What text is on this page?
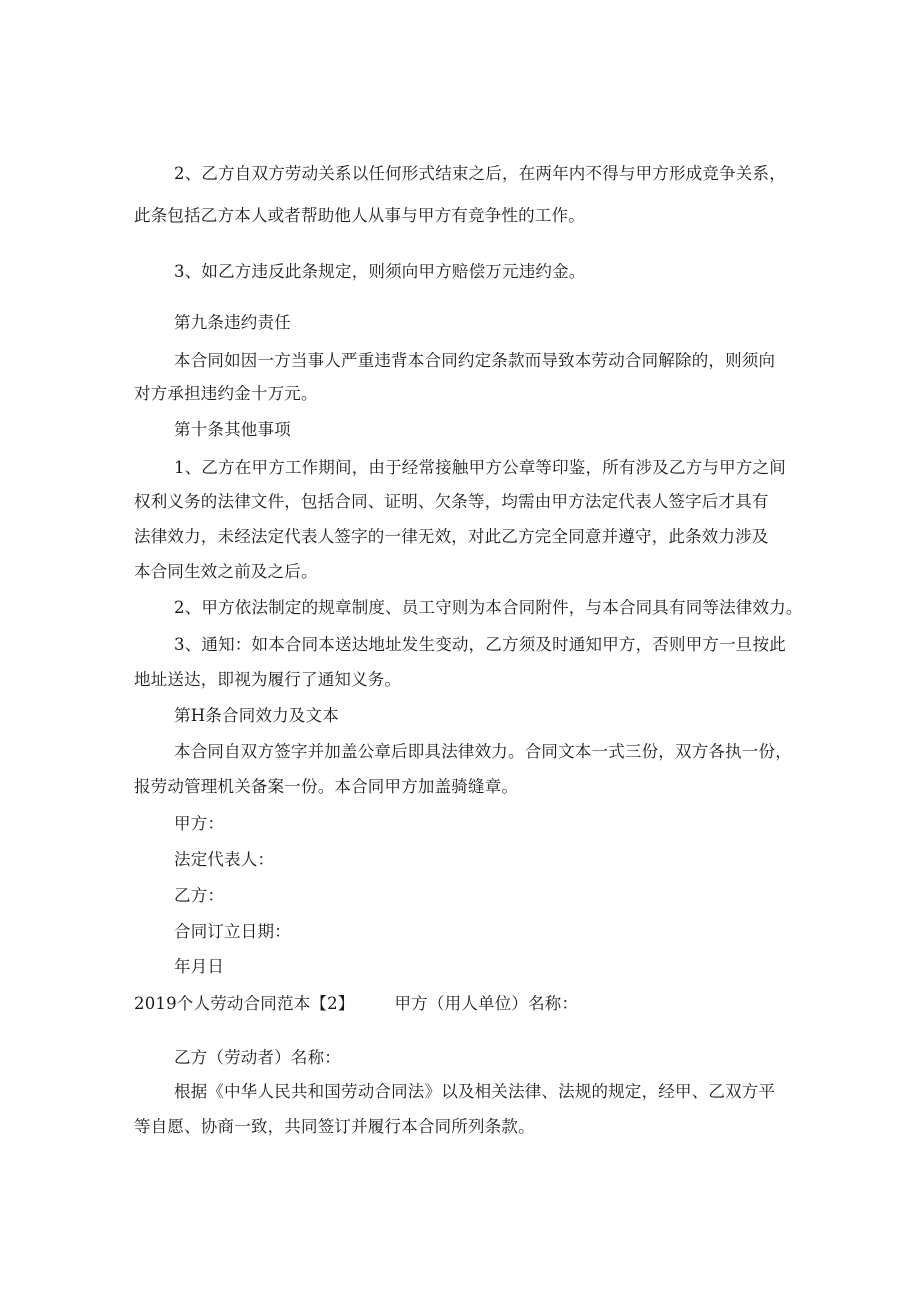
2、乙方自双方劳动关系以任何形式结束之后，在两年内不得与甲方形成竞争关系，
此条包括乙方本人或者帮助他人从事与甲方有竞争性的工作。
3、如乙方违反此条规定，则须向甲方赔偿万元违约金。
第九条违约责任
本合同如因一方当事人严重违背本合同约定条款而导致本劳动合同解除的，则须向
对方承担违约金十万元。
第十条其他事项
1、乙方在甲方工作期间，由于经常接触甲方公章等印鉴，所有涉及乙方与甲方之间
权利义务的法律文件，包括合同、证明、欠条等，均需由甲方法定代表人签字后才具有
法律效力，未经法定代表人签字的一律无效，对此乙方完全同意并遵守，此条效力涉及
本合同生效之前及之后。
2、甲方依法制定的规章制度、员工守则为本合同附件，与本合同具有同等法律效力。
3、通知：如本合同本送达地址发生变动，乙方须及时通知甲方，否则甲方一旦按此
地址送达，即视为履行了通知义务。
第H条合同效力及文本
本合同自双方签字并加盖公章后即具法律效力。合同文本一式三份，双方各执一份，
报劳动管理机关备案一份。本合同甲方加盖骑缝章。
甲方：
法定代表人：
乙方：
合同订立日期：
年月日
2019个人劳动合同范本【2】 甲方（用人单位）名称：
乙方（劳动者）名称：
根据《中华人民共和国劳动合同法》以及相关法律、法规的规定，经甲、乙双方平
等自愿、协商一致，共同签订并履行本合同所列条款。
